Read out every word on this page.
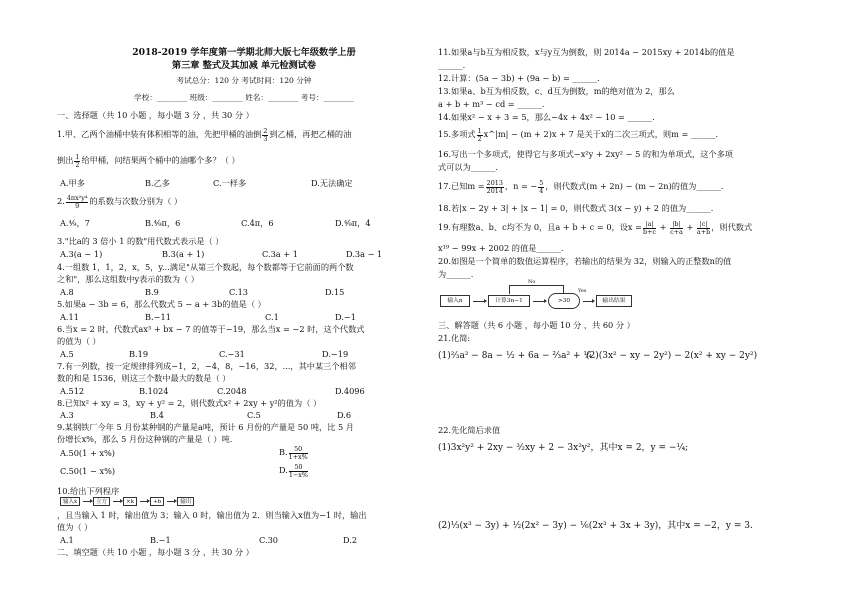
2018-2019 学年度第一学期北师大版七年级数学上册
第三章 整式及其加减 单元检测试卷
考试总分：120 分 考试时间：120 分钟
学校：________ 班级：________ 姓名：________ 考号：________
一、选择题（共 10 小题 ，每小题 3 分 ，共 30 分 ）
1.甲、乙两个油桶中装有体积相等的油，先把甲桶的油倒 $\frac{2}{3}$ 到乙桶，再把乙桶的油
倒出 $\frac{1}{2}$ 给甲桶，问结果两个桶中的油哪个多？（ ）
A.甲多	B.乙多	C.一样多	D.无法确定
2. $\frac{\text{4πx²y⁴}}{9}$ 的系数与次数分别为（ ）
A.⁴⁄₉，7	B.⁴⁄₉π，6	C.4π，6	D.⁴⁄₉π，4
3."比a的 3 倍小 1 的数"用代数式表示是（ ）
A.3(a − 1)	B.3(a + 1)	C.3a + 1	D.3a − 1
4.一组数 1，1，2，x，5，y...满足"从第三个数起，每个数都等于它前面的两个数
之和"，那么这组数中y表示的数为（ ）
A.8	B.9	C.13	D.15
5.如果a − 3b = 6，那么代数式 5 − a + 3b的值是（ ）
A.11	B.−11	C.1	D.−1
6.当x = 2 时，代数式ax³ + bx − 7 的值等于−19，那么当x = −2 时，这个代数式
的值为（ ）
A.5	B.19	C.−31	D.−19
7.有一列数，按一定规律排列成−1，2，−4，8，−16，32，...，其中某三个相邻
数的和是 1536，则这三个数中最大的数是（ ）
A.512	B.1024	C.2048	D.4096
8.已知x² + xy = 3，xy + y² = 2，则代数式x² + 2xy + y²的值为（ ）
A.3	B.4	C.5	D.6
9.某钢铁厂今年 5 月份某种钢的产量是a吨，预计 6 月份的产量是 50 吨，比 5 月
份增长x%，那么 5 月份这种钢的产量是（ ）吨.
A.50(1 + x%)	B. $\frac{50}{1+x\%}$
C.50(1 − x%)	D. $\frac{50}{1-x\%}$
10.给出下列程序
输入x	立方	×k	+b	输出
，且当输入 1 时，输出值为 3；输入 0 时，输出值为 2．则当输入x值为−1 时，输出
值为（ ）
A.1	B.−1	C.30	D.2
二、填空题（共 10 小题 ，每小题 3 分 ，共 30 分 ）
11.如果a与b互为相反数，x与y互为倒数，则 2014a − 2015xy + 2014b的值是
______.
12.计算：(5a − 3b) + (9a − b) = ______.
13.如果a、b互为相反数，c、d互为倒数，m的绝对值为 2，那么
a + b + m³ − cd = ______.
14.如果x² − x + 3 = 5，那么−4x + 4x² − 10 = ______.
15.多项式 $\frac{1}{2}$ x^|m| − (m + 2)x + 7 是关于x的二次三项式，则m = ______.
16.写出一个多项式，使得它与多项式−x²y + 2xy² − 5 的和为单项式，这个多项
式可以为______.
17.已知$m = \frac{2013}{2014}$ ，n = − $\frac{5}{4}$ ，则代数式(m + 2n) − (m − 2n)的值为______.
18.若|x − 2y + 3| + |x − 1| = 0，则代数式 3(x − y) + 2 的值为______.
19.有理数a、b、c均不为 0，且a + b + c = 0，设$x = \frac{|a|}{b+c} + \frac{|b|}{c+a} + \frac{|c|}{a+b}$ ，则代数式
x¹⁹ − 99x + 2002 的值是______.
20.如图是一个简单的数值运算程序，若输出的结果为 32，则输入的正整数n的值
为______.
输入n	计算3n−1	>30
Yes
输出结果
No
三、解答题（共 6 小题 ，每小题 10 分 ，共 60 分 ）
21.化简:
(1)²⁄₃a² − 8a − ½ + 6a − ⅔a² + ¼
(2)(3x² − xy − 2y²) − 2(x² + xy − 2y²)
22.先化简后求值
(1)3x²y² + 2xy − ³⁄₂xy + 2 − 3x²y²，其中x = 2，y = −¼;
(2)⅓(x³ − 3y) + ½(2x² − 3y) − ⅙(2x³ + 3x + 3y)，其中x = −2，y = 3.
